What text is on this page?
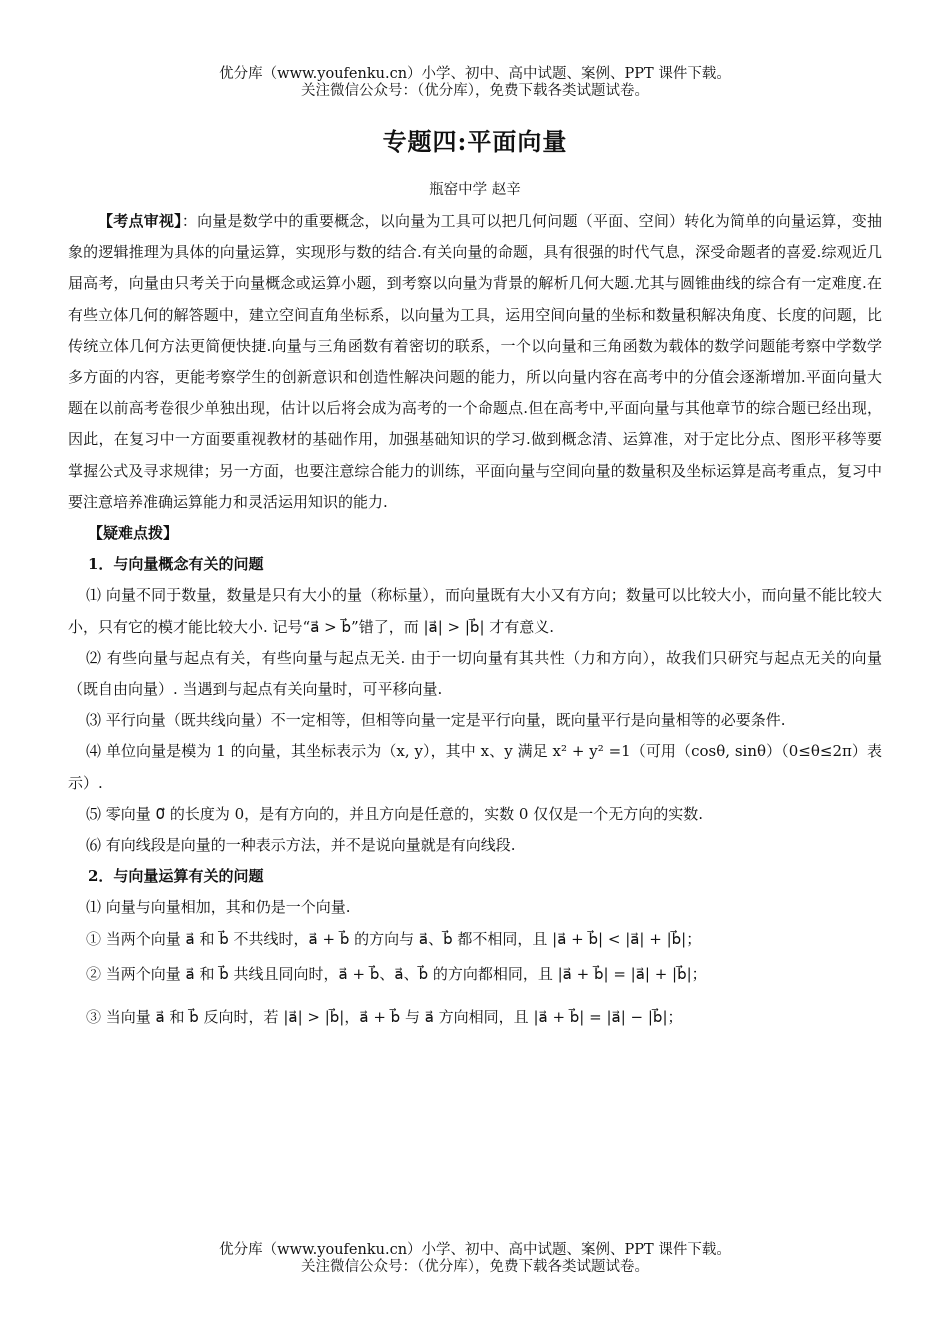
优分库（www.youfenku.cn）小学、初中、高中试题、案例、PPT 课件下载。
关注微信公众号：（优分库），免费下载各类试题试卷。
专题四:平面向量
瓶窑中学 赵辛

【考点审视】：向量是数学中的重要概念，以向量为工具可以把几何问题（平面、空间）转化为简单的向量运算，变抽象的逻辑推理为具体的向量运算，实现形与数的结合.有关向量的命题，具有很强的时代气息，深受命题者的喜爱.综观近几届高考，向量由只考关于向量概念或运算小题，到考察以向量为背景的解析几何大题.尤其与圆锥曲线的综合有一定难度.在有些立体几何的解答题中，建立空间直角坐标系，以向量为工具，运用空间向量的坐标和数量积解决角度、长度的问题，比传统立体几何方法更简便快捷.向量与三角函数有着密切的联系，一个以向量和三角函数为载体的数学问题能考察中学数学多方面的内容，更能考察学生的创新意识和创造性解决问题的能力，所以向量内容在高考中的分值会逐渐增加.平面向量大题在以前高考卷很少单独出现，估计以后将会成为高考的一个命题点.但在高考中,平面向量与其他章节的综合题已经出现，因此，在复习中一方面要重视教材的基础作用，加强基础知识的学习.做到概念清、运算准，对于定比分点、图形平移等要掌握公式及寻求规律；另一方面，也要注意综合能力的训练，平面向量与空间向量的数量积及坐标运算是高考重点，复习中要注意培养准确运算能力和灵活运用知识的能力.

【疑难点拨】

1．与向量概念有关的问题

⑴ 向量不同于数量，数量是只有大小的量（称标量），而向量既有大小又有方向；数量可以比较大小，而向量不能比较大小，只有它的模才能比较大小. 记号“a⃗ > b⃗”错了，而 |a⃗| > |b⃗| 才有意义.

⑵ 有些向量与起点有关，有些向量与起点无关. 由于一切向量有其共性（力和方向），故我们只研究与起点无关的向量（既自由向量）. 当遇到与起点有关向量时，可平移向量.

⑶ 平行向量（既共线向量）不一定相等，但相等向量一定是平行向量，既向量平行是向量相等的必要条件.

⑷ 单位向量是模为 1 的向量，其坐标表示为（x, y），其中 x、y 满足 x² + y² =1（可用（cosθ, sinθ）（0≤θ≤2π）表示）.

⑸ 零向量 0⃗ 的长度为 0，是有方向的，并且方向是任意的，实数 0 仅仅是一个无方向的实数.

⑹ 有向线段是向量的一种表示方法，并不是说向量就是有向线段.

2．与向量运算有关的问题

⑴ 向量与向量相加，其和仍是一个向量.

① 当两个向量 a⃗ 和 b⃗ 不共线时，a⃗ + b⃗ 的方向与 a⃗、b⃗ 都不相同，且 |a⃗ + b⃗| < |a⃗| + |b⃗|；

② 当两个向量 a⃗ 和 b⃗ 共线且同向时，a⃗ + b⃗、a⃗、b⃗ 的方向都相同，且 |a⃗ + b⃗| = |a⃗| + |b⃗|；

③ 当向量 a⃗ 和 b⃗ 反向时，若 |a⃗| > |b⃗|，a⃗ + b⃗ 与 a⃗ 方向相同，且 |a⃗ + b⃗| = |a⃗| − |b⃗|；

优分库（www.youfenku.cn）小学、初中、高中试题、案例、PPT 课件下载。
关注微信公众号：（优分库），免费下载各类试题试卷。
